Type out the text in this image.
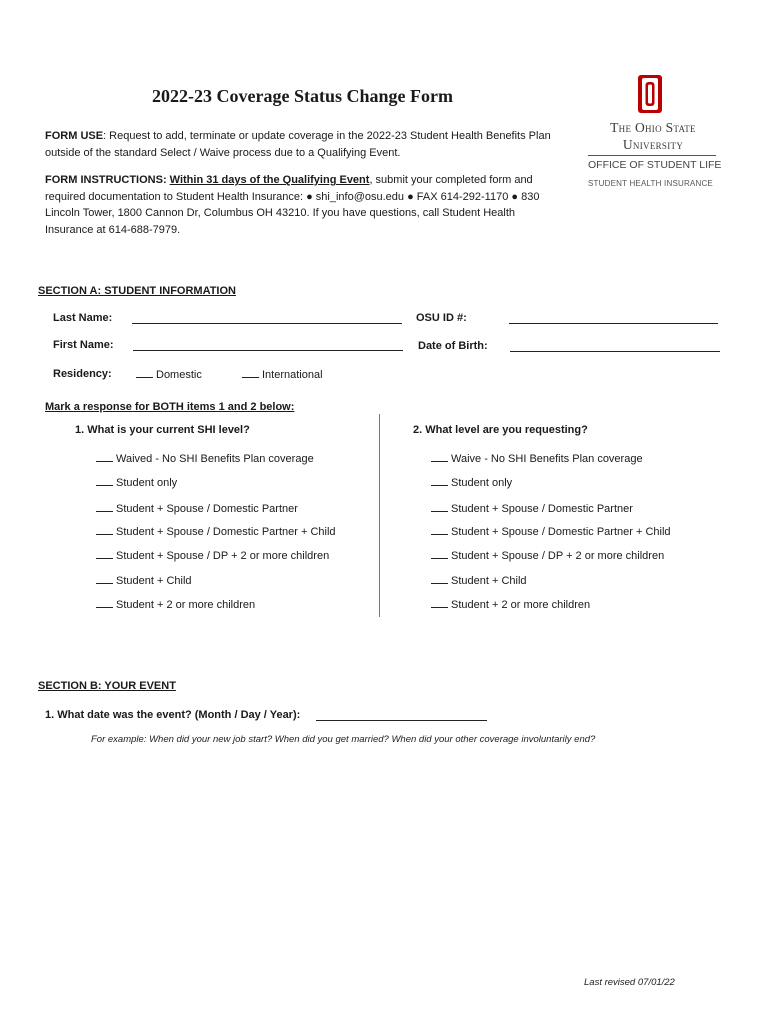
2022-23 Coverage Status Change Form
The Ohio State
University
OFFICE OF STUDENT LIFE
STUDENT HEALTH INSURANCE
FORM USE: Request to add, terminate or update coverage in the 2022-23 Student Health Benefits Plan outside of the standard Select / Waive process due to a Qualifying Event.
FORM INSTRUCTIONS: Within 31 days of the Qualifying Event, submit your completed form and required documentation to Student Health Insurance: ● shi_info@osu.edu ● FAX 614-292-1170 ● 830 Lincoln Tower, 1800 Cannon Dr, Columbus OH 43210. If you have questions, call Student Health Insurance at 614-688-7979.
SECTION A: STUDENT INFORMATION
Last Name:	OSU ID #:
First Name:	Date of Birth:
Residency:	Domestic	International
Mark a response for BOTH items 1 and 2 below:
1. What is your current SHI level?	2. What level are you requesting?
Waived - No SHI Benefits Plan coverage
Student only
Student + Spouse / Domestic Partner
Student + Spouse / Domestic Partner + Child
Student + Spouse / DP + 2 or more children
Student + Child
Student + 2 or more children
Waive - No SHI Benefits Plan coverage
Student only
Student + Spouse / Domestic Partner
Student + Spouse / Domestic Partner + Child
Student + Spouse / DP + 2 or more children
Student + Child
Student + 2 or more children
SECTION B: YOUR EVENT
1. What date was the event? (Month / Day / Year):
For example: When did your new job start? When did you get married? When did your other coverage involuntarily end?
Last revised 07/01/22
